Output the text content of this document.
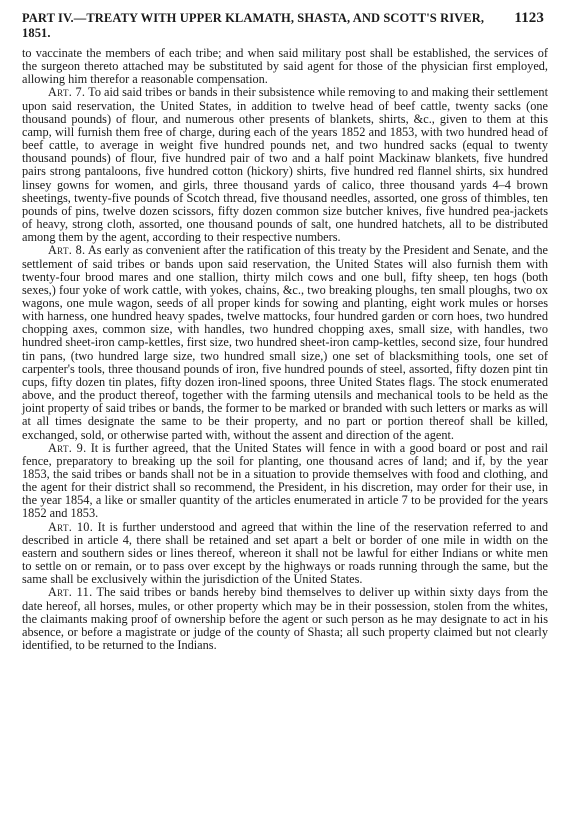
PART IV.—TREATY WITH UPPER KLAMATH, SHASTA, AND SCOTT'S RIVER, 1851.
1123

to vaccinate the members of each tribe; and when said military post shall be established, the services of the surgeon thereto attached may be substituted by said agent for those of the physician first employed, allowing him therefor a reasonable compensation.

Art. 7. To aid said tribes or bands in their subsistence while removing to and making their settlement upon said reservation, the United States, in addition to twelve head of beef cattle, twenty sacks (one thousand pounds) of flour, and numerous other presents of blankets, shirts, &c., given to them at this camp, will furnish them free of charge, during each of the years 1852 and 1853, with two hundred head of beef cattle, to average in weight five hundred pounds net, and two hundred sacks (equal to twenty thousand pounds) of flour, five hundred pair of two and a half point Mackinaw blankets, five hundred pairs strong pantaloons, five hundred cotton (hickory) shirts, five hundred red flannel shirts, six hundred linsey gowns for women, and girls, three thousand yards of calico, three thousand yards 4–4 brown sheetings, twenty-five pounds of Scotch thread, five thousand needles, assorted, one gross of thimbles, ten pounds of pins, twelve dozen scissors, fifty dozen common size butcher knives, five hundred pea-jackets of heavy, strong cloth, assorted, one thousand pounds of salt, one hundred hatchets, all to be distributed among them by the agent, according to their respective numbers.

Art. 8. As early as convenient after the ratification of this treaty by the President and Senate, and the settlement of said tribes or bands upon said reservation, the United States will also furnish them with twenty-four brood mares and one stallion, thirty milch cows and one bull, fifty sheep, ten hogs (both sexes,) four yoke of work cattle, with yokes, chains, &c., two breaking ploughs, ten small ploughs, two ox wagons, one mule wagon, seeds of all proper kinds for sowing and planting, eight work mules or horses with harness, one hundred heavy spades, twelve mattocks, four hundred garden or corn hoes, two hundred chopping axes, common size, with handles, two hundred chopping axes, small size, with handles, two hundred sheet-iron camp-kettles, first size, two hundred sheet-iron camp-kettles, second size, four hundred tin pans, (two hundred large size, two hundred small size,) one set of blacksmithing tools, one set of carpenter's tools, three thousand pounds of iron, five hundred pounds of steel, assorted, fifty dozen pint tin cups, fifty dozen tin plates, fifty dozen iron-lined spoons, three United States flags. The stock enumerated above, and the product thereof, together with the farming utensils and mechanical tools to be held as the joint property of said tribes or bands, the former to be marked or branded with such letters or marks as will at all times designate the same to be their property, and no part or portion thereof shall be killed, exchanged, sold, or otherwise parted with, without the assent and direction of the agent.

Art. 9. It is further agreed, that the United States will fence in with a good board or post and rail fence, preparatory to breaking up the soil for planting, one thousand acres of land; and if, by the year 1853, the said tribes or bands shall not be in a situation to provide themselves with food and clothing, and the agent for their district shall so recommend, the President, in his discretion, may order for their use, in the year 1854, a like or smaller quantity of the articles enumerated in article 7 to be provided for the years 1852 and 1853.

Art. 10. It is further understood and agreed that within the line of the reservation referred to and described in article 4, there shall be retained and set apart a belt or border of one mile in width on the eastern and southern sides or lines thereof, whereon it shall not be lawful for either Indians or white men to settle on or remain, or to pass over except by the highways or roads running through the same, but the same shall be exclusively within the jurisdiction of the United States.

Art. 11. The said tribes or bands hereby bind themselves to deliver up within sixty days from the date hereof, all horses, mules, or other property which may be in their possession, stolen from the whites, the claimants making proof of ownership before the agent or such person as he may designate to act in his absence, or before a magistrate or judge of the county of Shasta; all such property claimed but not clearly identified, to be returned to the Indians.
